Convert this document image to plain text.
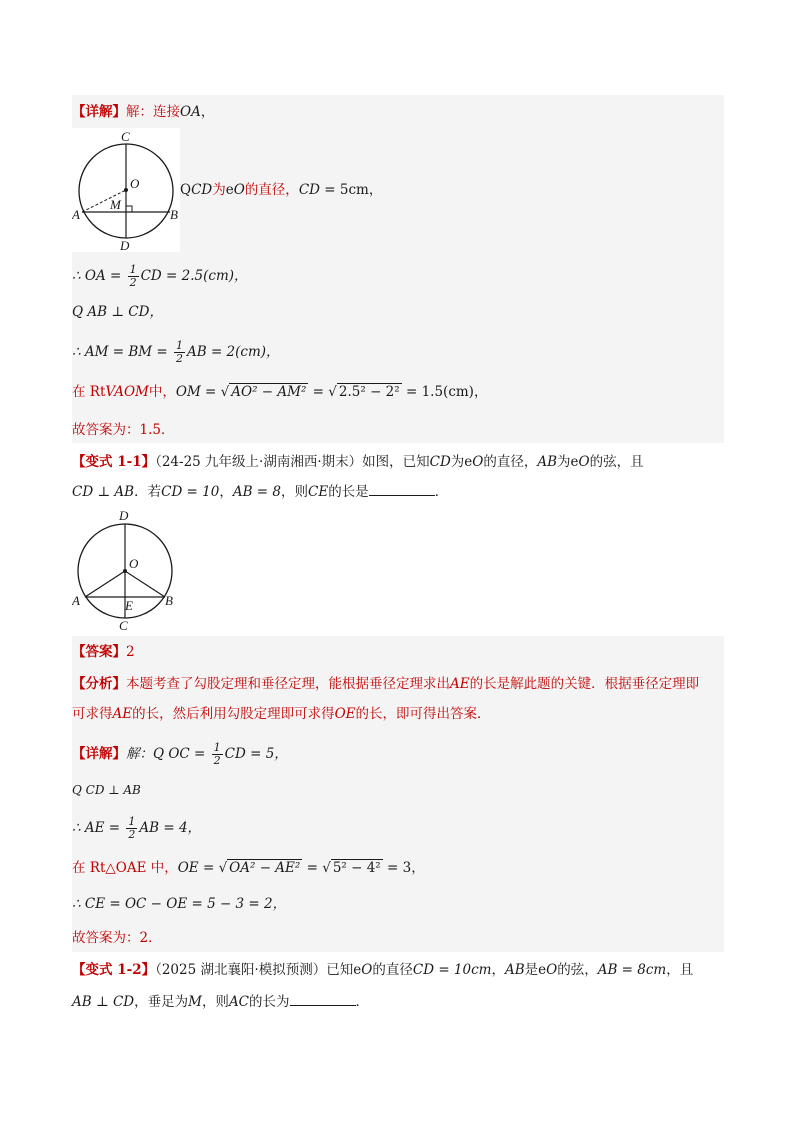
【详解】解：连接OA，
C
O
M
A	B
D
QCD为eO的直径，CD = 5cm，
∴ OA = $\frac{1}{2}$ CD = 2.5(cm)，
Q AB ⊥ CD，
∴ AM = BM = $\frac{1}{2}$ AB = 2(cm)，
在 RtVAOM中，OM = √ AO² − AM² = √ 2.5² − 2² = 1.5(cm)，
故答案为：1.5．
【变式 1-1】（24-25 九年级上·湖南湘西·期末）如图，已知CD为eO的直径，AB为eO的弦，且
CD ⊥ AB．若CD = 10，AB = 8，则CE的长是	．
D
O
A	E B
C
【答案】2
【分析】本题考查了勾股定理和垂径定理，能根据垂径定理求出AE的长是解此题的关键．根据垂径定理即
可求得AE的长，然后利用勾股定理即可求得OE的长，即可得出答案．
【详解】解：Q OC = $\frac{1}{2}$ CD = 5，
Q CD ⊥ AB
∴ AE = $\frac{1}{2}$ AB = 4，
在 Rt△OAE 中，OE = √ OA² − AE² = √ 5² − 4² = 3，
∴ CE = OC − OE = 5 − 3 = 2，
故答案为：2．
【变式 1-2】（2025 湖北襄阳·模拟预测）已知eO的直径CD = 10cm，AB是eO的弦，AB = 8cm，且
AB ⊥ CD，垂足为M，则AC的长为	．
